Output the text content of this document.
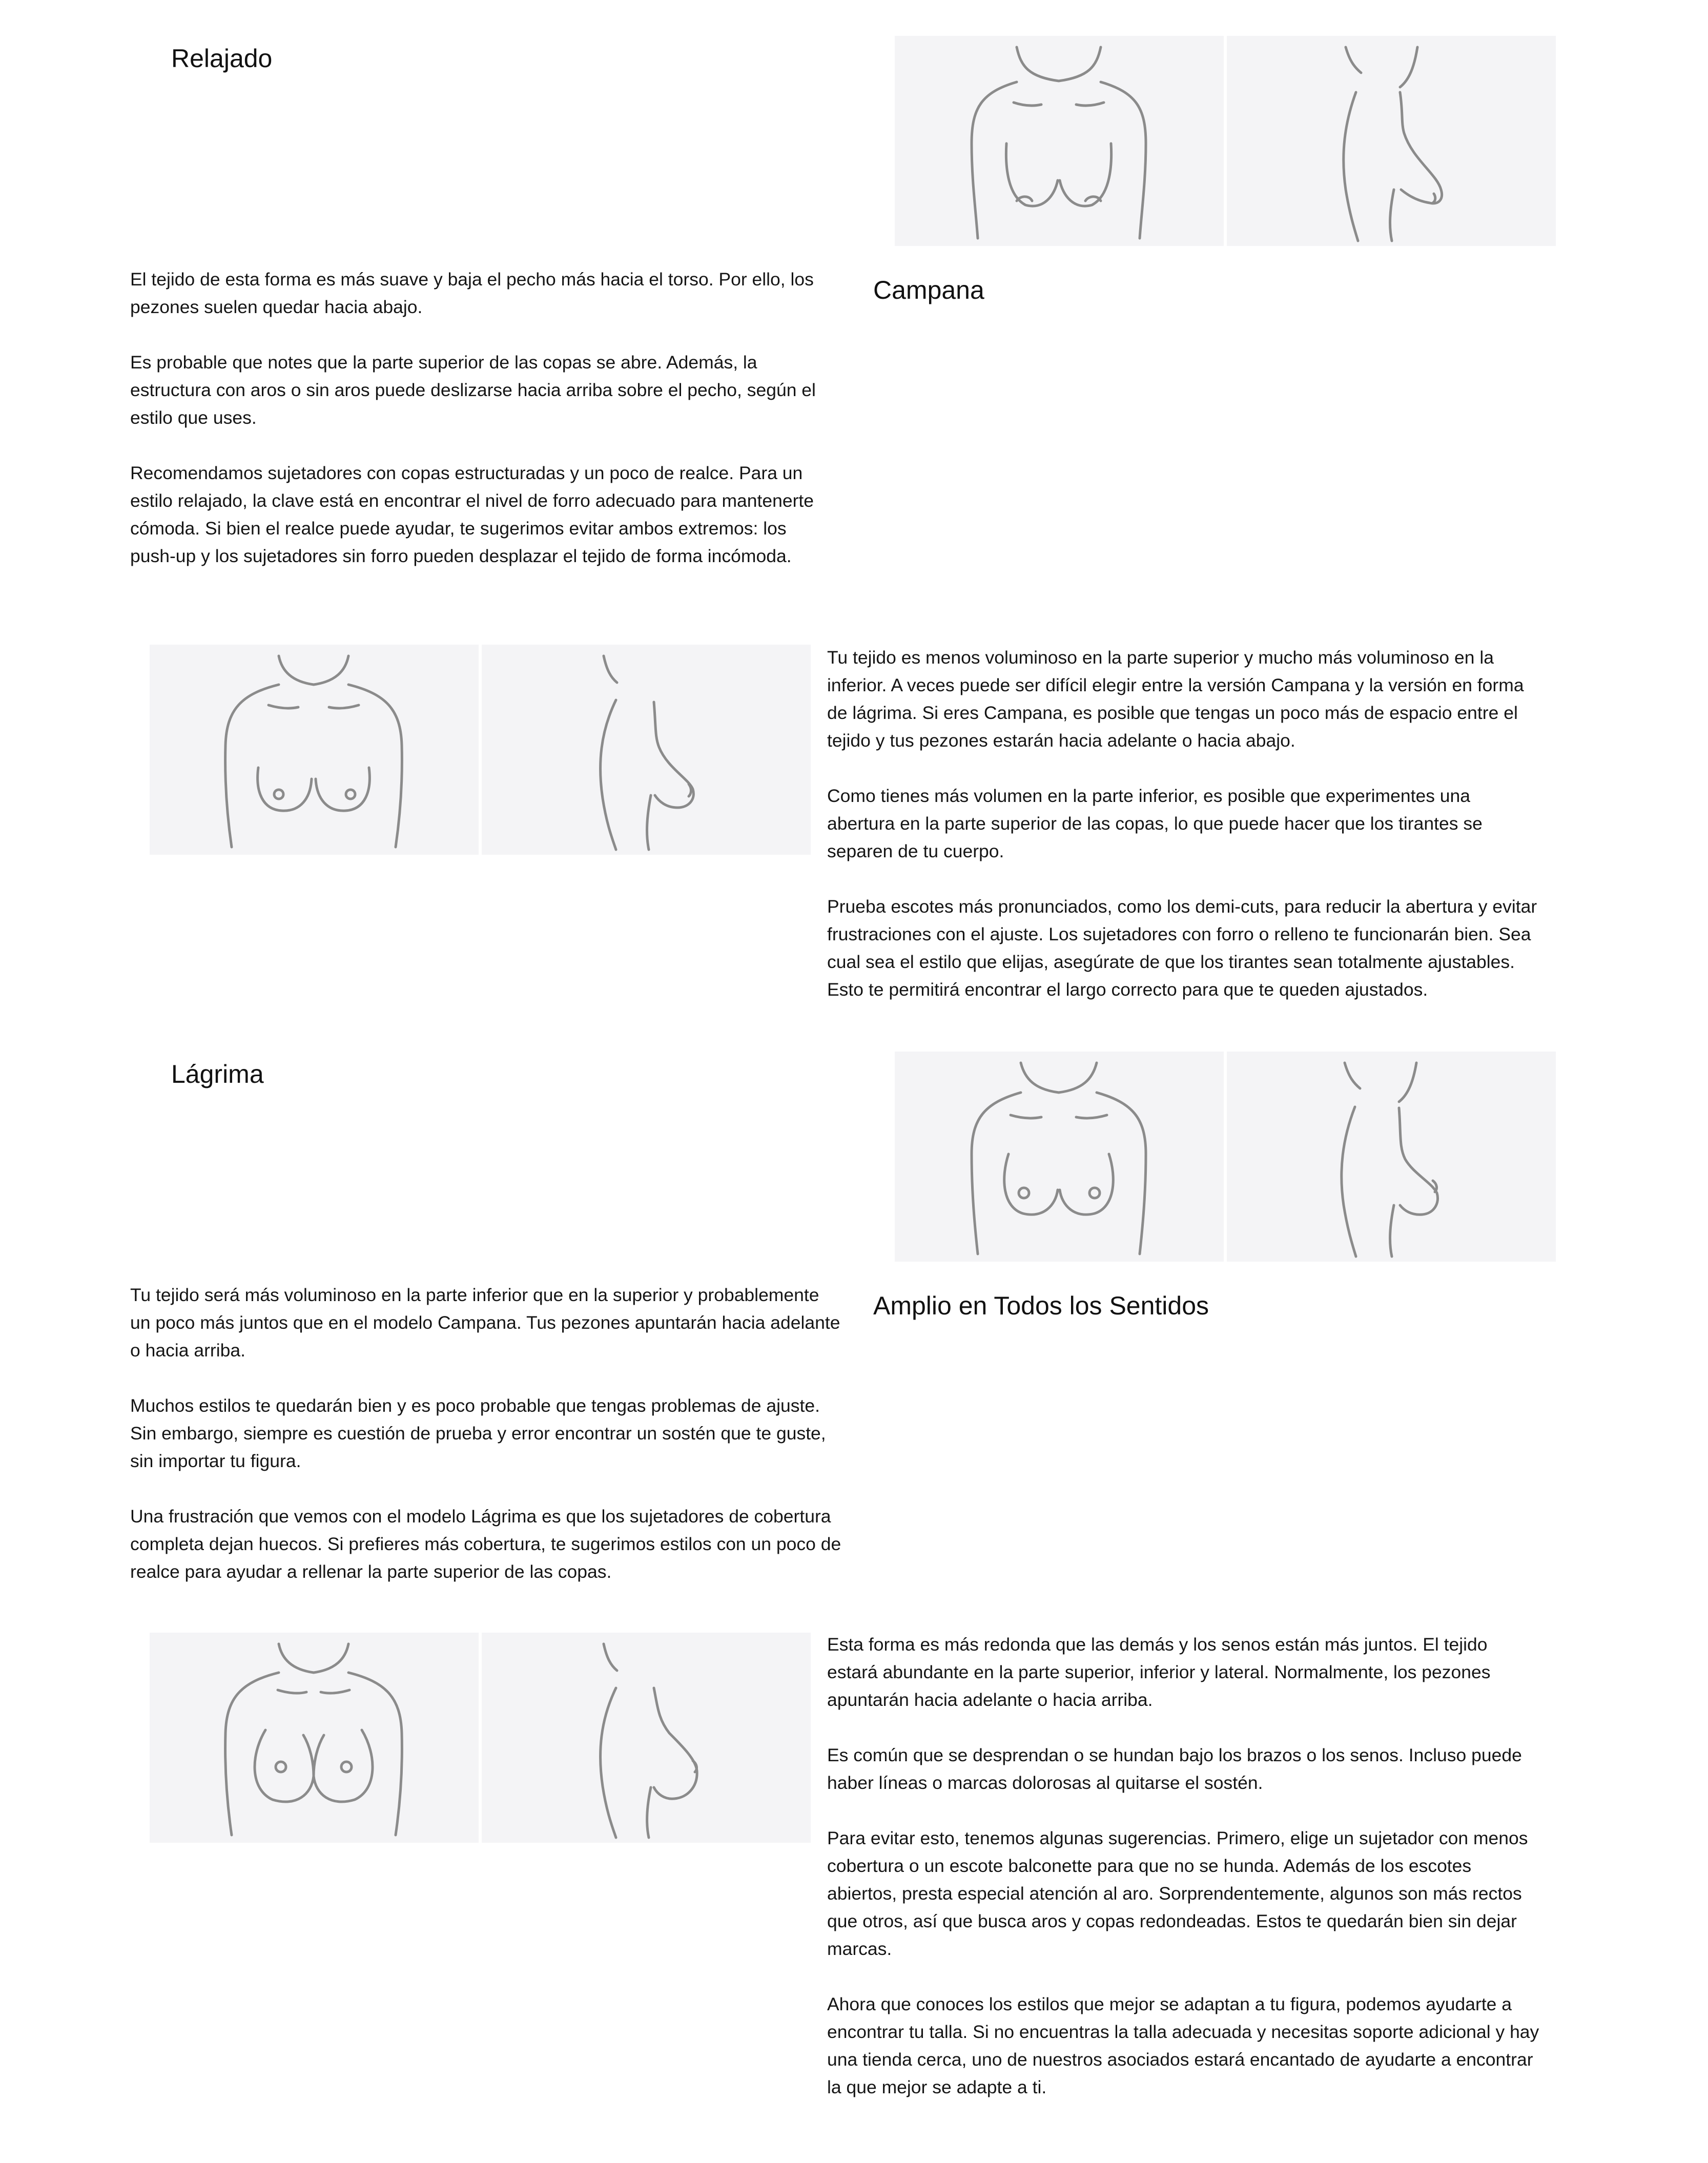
Relajado

El tejido de esta forma es más suave y baja el pecho más hacia el torso. Por ello, los pezones suelen quedar hacia abajo.

Es probable que notes que la parte superior de las copas se abre. Además, la estructura con aros o sin aros puede deslizarse hacia arriba sobre el pecho, según el estilo que uses.

Recomendamos sujetadores con copas estructuradas y un poco de realce. Para un estilo relajado, la clave está en encontrar el nivel de forro adecuado para mantenerte cómoda. Si bien el realce puede ayudar, te sugerimos evitar ambos extremos: los push-up y los sujetadores sin forro pueden desplazar el tejido de forma incómoda.

Campana

Tu tejido es menos voluminoso en la parte superior y mucho más voluminoso en la inferior. A veces puede ser difícil elegir entre la versión Campana y la versión en forma de lágrima. Si eres Campana, es posible que tengas un poco más de espacio entre el tejido y tus pezones estarán hacia adelante o hacia abajo.

Como tienes más volumen en la parte inferior, es posible que experimentes una abertura en la parte superior de las copas, lo que puede hacer que los tirantes se separen de tu cuerpo.

Prueba escotes más pronunciados, como los demi-cuts, para reducir la abertura y evitar frustraciones con el ajuste. Los sujetadores con forro o relleno te funcionarán bien. Sea cual sea el estilo que elijas, asegúrate de que los tirantes sean totalmente ajustables. Esto te permitirá encontrar el largo correcto para que te queden ajustados.

Lágrima

Tu tejido será más voluminoso en la parte inferior que en la superior y probablemente un poco más juntos que en el modelo Campana. Tus pezones apuntarán hacia adelante o hacia arriba.

Muchos estilos te quedarán bien y es poco probable que tengas problemas de ajuste. Sin embargo, siempre es cuestión de prueba y error encontrar un sostén que te guste, sin importar tu figura.

Una frustración que vemos con el modelo Lágrima es que los sujetadores de cobertura completa dejan huecos. Si prefieres más cobertura, te sugerimos estilos con un poco de realce para ayudar a rellenar la parte superior de las copas.

Amplio en Todos los Sentidos

Esta forma es más redonda que las demás y los senos están más juntos. El tejido estará abundante en la parte superior, inferior y lateral. Normalmente, los pezones apuntarán hacia adelante o hacia arriba.

Es común que se desprendan o se hundan bajo los brazos o los senos. Incluso puede haber líneas o marcas dolorosas al quitarse el sostén.

Para evitar esto, tenemos algunas sugerencias. Primero, elige un sujetador con menos cobertura o un escote balconette para que no se hunda. Además de los escotes abiertos, presta especial atención al aro. Sorprendentemente, algunos son más rectos que otros, así que busca aros y copas redondeadas. Estos te quedarán bien sin dejar marcas.

Ahora que conoces los estilos que mejor se adaptan a tu figura, podemos ayudarte a encontrar tu talla. Si no encuentras la talla adecuada y necesitas soporte adicional y hay una tienda cerca, uno de nuestros asociados estará encantado de ayudarte a encontrar la que mejor se adapte a ti.
